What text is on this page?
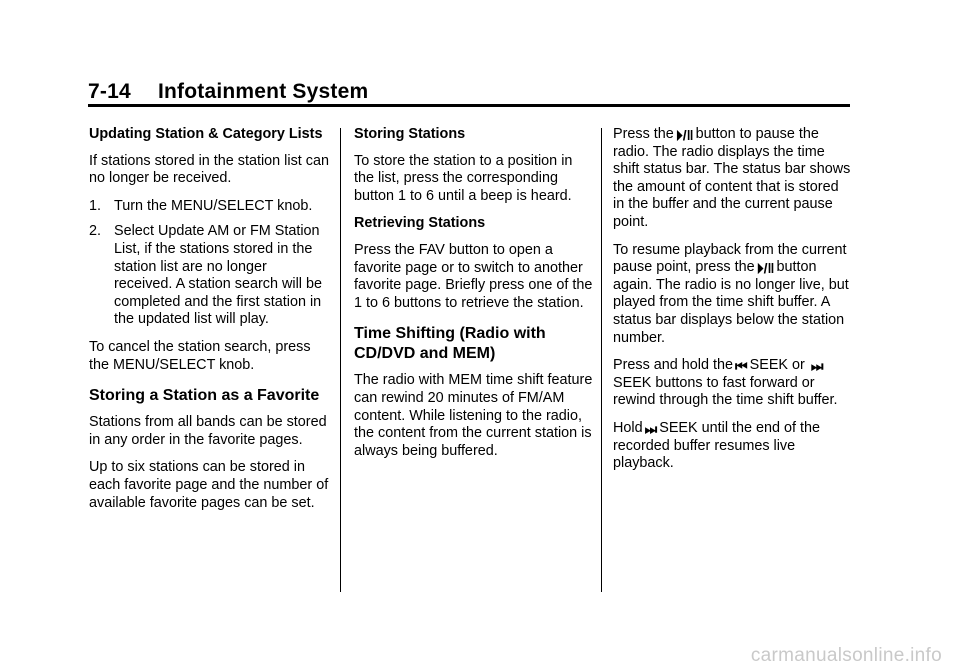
7-14 Infotainment System

Updating Station & Category Lists

If stations stored in the station list can no longer be received.

1. Turn the MENU/SELECT knob.
2. Select Update AM or FM Station List, if the stations stored in the station list are no longer received. A station search will be completed and the first station in the updated list will play.

To cancel the station search, press the MENU/SELECT knob.

Storing a Station as a Favorite

Stations from all bands can be stored in any order in the favorite pages.

Up to six stations can be stored in each favorite page and the number of available favorite pages can be set.

Storing Stations

To store the station to a position in the list, press the corresponding button 1 to 6 until a beep is heard.

Retrieving Stations

Press the FAV button to open a favorite page or to switch to another favorite page. Briefly press one of the 1 to 6 buttons to retrieve the station.

Time Shifting (Radio with CD/DVD and MEM)

The radio with MEM time shift feature can rewind 20 minutes of FM/AM content. While listening to the radio, the content from the current station is always being buffered.

Press the ⏵/‖ button to pause the radio. The radio displays the time shift status bar. The status bar shows the amount of content that is stored in the buffer and the current pause point.

To resume playback from the current pause point, press the ⏵/‖ button again. The radio is no longer live, but played from the time shift buffer. A status bar displays below the station number.

Press and hold the ⏮ SEEK or ⏭SEEK buttons to fast forward or rewind through the time shift buffer.

Hold ⏭ SEEK until the end of the recorded buffer resumes live playback.

carmanualsonline.info
